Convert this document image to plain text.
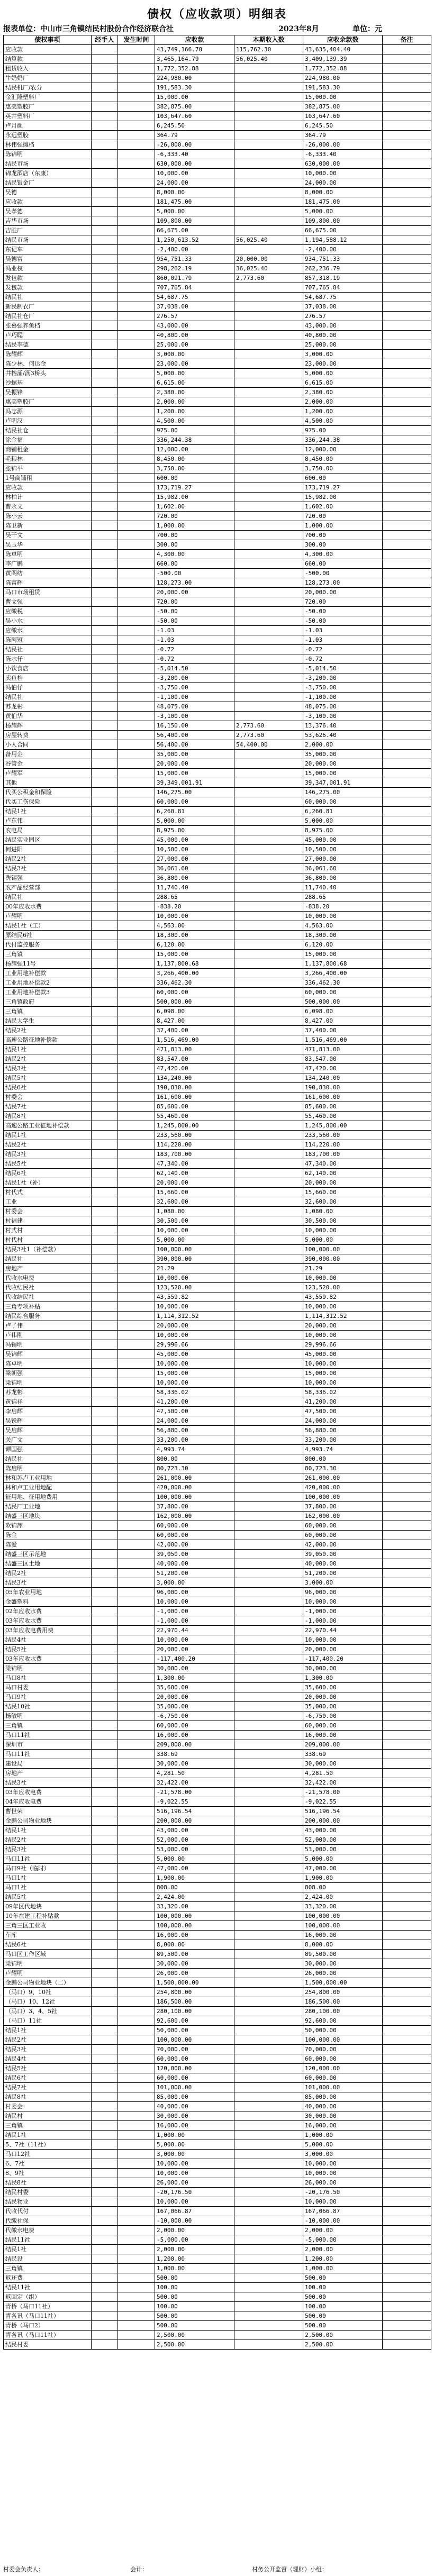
债权（应收款项）明细表
报表单位：中山市三角镇结民村股份合作经济联合社	2023年8月	单位：元
债权事项	经手人	发生时间	应收款	本期收入数	应收余款数	备注
应收款			43,749,166.70	115,762.30	43,635,404.40	
结算款			3,465,164.79	56,025.40	3,409,139.39	
租赁收入			1,772,352.88		1,772,352.88	
牛奶奶厂			224,980.00		224,980.00	
结民机厂/农分			191,583.30		191,583.30	
金汇隆塑料厂			15,000.00		15,000.00	
惠美塑胶厂			382,875.00		382,875.00	
英井塑料厂			103,647.60		103,647.60	
卢月颜			6,245.50		6,245.50	
永远塑胶			364.79		364.79	
林伟强摊档			-26,000.00		-26,000.00	
陈锦明			-6,333.40		-6,333.40	
结民市场			630,000.00		630,000.00	
锦龙酒店（东康）			10,000.00		10,000.00	
结民钣金厂			24,000.00		24,000.00	
吴德			8,000.00		8,000.00	
应收款			181,475.00		181,475.00	
吴孝德			5,000.00		5,000.00	
吉华市场			109,800.00		109,800.00	
吉胜厂			66,675.00		66,675.00	
结民市场			1,250,613.52	56,025.40	1,194,588.12	
东记车			-2,400.00		-2,400.00	
吴德富			954,751.33	20,000.00	934,751.33	
冯业权			298,262.19	36,025.40	262,236.79	
发包款			860,091.79	2,773.60	857,318.19	
发包款			707,765.84		707,765.84	
结民社			54,687.75		54,687.75	
新民制衣厂			37,038.00		37,038.00	
结民社仓厂			276.57		276.57	
张慕强养鱼档			43,000.00		43,000.00	
卢巧聪			40,800.00		40,800.00	
结民李德			25,000.00		25,000.00	
陈耀辉			3,000.00		3,000.00	
陈少林、何达金			23,000.00		23,000.00	
井榕涌/沥3桥头			5,000.00		5,000.00	
沙螺基			6,615.00		6,615.00	
吴振锋			2,380.00		2,380.00	
惠美塑胶厂			2,000.00		2,000.00	
冯志源			1,200.00		1,200.00	
卢明汉			4,500.00		4,500.00	
结民社仓			975.00		975.00	
涂金福			336,244.38		336,244.38	
商铺租金			12,000.00		12,000.00	
毛粮林			8,450.00		8,450.00	
张锦平			3,750.00		3,750.00	
1号商铺租			600.00		600.00	
应收款			173,719.27		173,719.27	
林柏计			15,982.00		15,982.00	
曹永文			1,602.00		1,602.00	
陈小云			720.00		720.00	
陈卫新			1,000.00		1,000.00	
吴干文			700.00		700.00	
吴玉华			300.00		300.00	
陈卓明			4,300.00		4,300.00	
李广鹏			660.00		660.00	
黄阁纺			-500.00		-500.00	
陈富辉			128,273.00		128,273.00	
马口市场租赁			20,000.00		20,000.00	
曹文强			720.00		720.00	
应缴税			-50.00		-50.00	
吴小水			-50.00		-50.00	
应缴水			-1.03		-1.03	
陈阿冠			-1.03		-1.03	
结民社			-0.72		-0.72	
陈水仔			-0.72		-0.72	
小饮食店			-5,014.50		-5,014.50	
卖鱼档			-3,200.00		-3,200.00	
冯伯仔			-3,750.00		-3,750.00	
结民社			-1,100.00		-1,100.00	
苏龙彬			48,075.00		48,075.00	
黄伯华			-3,100.00		-3,100.00	
杨耀辉			16,150.00	2,773.60	13,376.40	
房屋转费			56,400.00	2,773.60	53,626.40	
小人合同			56,400.00	54,400.00	2,000.00	
备用金			35,000.00		35,000.00	
谷管金			20,000.00		20,000.00	
卢耀军			15,000.00		15,000.00	
其他			39,349,001.91		39,347,001.91	
代买公积金和保险			146,275.00		146,275.00	
代买工伤保险			60,000.00		60,000.00	
结民1社			6,260.81		6,260.81	
卢东伟			5,000.00		5,000.00	
农电局			8,975.00		8,975.00	
结民实业园区			45,000.00		45,000.00	
何进阳			10,500.00		10,500.00	
结民2社			27,000.00		27,000.00	
结民3社			36,061.60		36,061.60	
冼锡强			36,800.00		36,800.00	
农产品经营部			11,740.40		11,740.40	
结民社			288.65		288.65	
00年应收水费			-838.20		-838.20	
卢耀明			10,000.00		10,000.00	
结民1社（工）			4,563.00		4,563.00	
原结民6社			18,300.00		18,300.00	
代付监控服务			6,120.00		6,120.00	
三角镇			15,000.00		15,000.00	
杨耀强11号			1,137,800.68		1,137,800.68	
工业用地补偿款			3,266,400.00		3,266,400.00	
工业用地补偿款2			336,462.30		336,462.30	
工业用地补偿款3			60,000.00		60,000.00	
三角镇政府			500,000.00		500,000.00	
三角镇			6,098.00		6,098.00	
结民大学生			8,427.00		8,427.00	
结民2社			37,400.00		37,400.00	
高速公路征地补偿款			1,516,469.00		1,516,469.00	
结民1社			471,813.00		471,813.00	
结民2社			83,547.00		83,547.00	
结民3社			47,420.00		47,420.00	
结民5社			134,240.00		134,240.00	
结民6社			190,830.00		190,830.00	
村委会			161,600.00		161,600.00	
结民7社			85,600.00		85,600.00	
结民8社			55,460.00		55,460.00	
高速公路工业征地补偿款			1,245,800.00		1,245,800.00	
结民1社			233,560.00		233,560.00	
结民2社			114,220.00		114,220.00	
结民3社			183,700.00		183,700.00	
结民5社			47,340.00		47,340.00	
结民6社			62,140.00		62,140.00	
结民1社（补）			20,000.00		20,000.00	
村代式			15,660.00		15,660.00	
工业			32,600.00		32,600.00	
村委会			1,080.00		1,080.00	
村福建			30,500.00		30,500.00	
村式村			10,000.00		10,000.00	
村代村			5,000.00		5,000.00	
结民3社1（补偿款）			100,000.00		100,000.00	
结民社			390,000.00		390,000.00	
房地产			21.29		21.29	
代收水电费			10,000.00		10,000.00	
代收结民社			123,520.00		123,520.00	
代收结民社			43,559.82		43,559.82	
三角专项补贴			10,000.00		10,000.00	
结民综合服务			1,114,312.52		1,114,312.52	
卢子伟			20,000.00		20,000.00	
卢伟刚			10,000.00		10,000.00	
冯锡明			29,996.66		29,996.66	
吴锦辉			45,000.00		45,000.00	
陈卓明			10,000.00		10,000.00	
梁朝强			15,000.00		15,000.00	
梁锦明			10,000.00		10,000.00	
苏龙彬			58,336.02		58,336.02	
黄锦祥			41,200.00		41,200.00	
李启辉			47,500.00		47,500.00	
吴锐辉			24,000.00		24,000.00	
吴启辉			56,880.00		56,880.00	
关广文			33,200.00		33,200.00	
谭国强			4,993.74		4,993.74	
结民社			800.00		800.00	
陈启明			80,723.30		80,723.30	
林和苏卢工业用地			261,000.00		261,000.00	
林和卢工业用地配			420,000.00		420,000.00	
征用地、征用地费用			100,000.00		100,000.00	
结民厂工业地			37,800.00		37,800.00	
结盛三区地块			162,000.00		162,000.00	
欧锦萍			60,000.00		60,000.00	
陈金			60,000.00		60,000.00	
陈爱			42,000.00		42,000.00	
结盛三区示范地			39,050.00		39,050.00	
结盛三区土地			40,000.00		40,000.00	
结民2社			51,200.00		51,200.00	
结民3社			3,000.00		3,000.00	
05年农业用地			96,000.00		96,000.00	
金盛塑料			10,000.00		10,000.00	
02年应收水费			-1,000.00		-1,000.00	
03年应收水费			-1,000.00		-1,000.00	
03年应收电费用费			22,970.44		22,970.44	
结民4社			10,000.00		10,000.00	
结民5社			20,000.00		20,000.00	
03年应收水费			-117,400.20		-117,400.20	
梁锦明			30,000.00		30,000.00	
马口8社			1,300.00		1,300.00	
马口村委			35,600.00		35,600.00	
马口9社			20,000.00		20,000.00	
结民10社			35,000.00		35,000.00	
杨敏明			-6,750.00		-6,750.00	
三角镇			60,000.00		60,000.00	
马口11社			16,000.00		16,000.00	
深圳市			209,000.00		209,000.00	
马口11社			338.69		338.69	
建设局			30,000.00		30,000.00	
房地产			4,281.50		4,281.50	
结民3社			32,422.00		32,422.00	
03年应收电费			-21,578.00		-21,578.00	
04年应收电费			-9,022.55		-9,022.55	
曹世荣			516,196.54		516,196.54	
金鹏公司物业地块			200,000.00		200,000.00	
结民1社			43,000.00		43,000.00	
结民2社			52,000.00		52,000.00	
结民3社			53,000.00		53,000.00	
马口11社			5,000.00		5,000.00	
马口9社（临时）			47,000.00		47,000.00	
马口1社			1,900.00		1,900.00	
马口1社			808.00		808.00	
结民5社			2,424.00		2,424.00	
09年区代地块			33,320.00		33,320.00	
10年在建工程补贴款			100,000.00		100,000.00	
三角三区工业收			100,000.00		100,000.00	
车库			16,000.00		16,000.00	
结民6社			8,000.00		8,000.00	
马口区工作区域			89,500.00		89,500.00	
梁锦明			30,000.00		30,000.00	
卢耀明			26,000.00		26,000.00	
金鹏公司物业地块（二）			1,500,000.00		1,500,000.00	
（马口）9、10社			254,800.00		254,800.00	
（马口）10、12社			186,500.00		186,500.00	
（马口）3、4、5社			280,100.00		280,100.00	
（马口）11社			92,600.00		92,600.00	
结民1社			50,000.00		50,000.00	
结民2社			100,000.00		100,000.00	
结民3社			70,000.00		70,000.00	
结民4社			60,000.00		60,000.00	
结民5社			120,000.00		120,000.00	
结民6社			60,000.00		60,000.00	
结民7社			101,000.00		101,000.00	
结民8社			85,000.00		85,000.00	
村委会			40,000.00		40,000.00	
结民村			30,000.00		30,000.00	
三角镇			16,000.00		16,000.00	
结民1社			1,000.00		1,000.00	
5、7社（11社）			5,000.00		5,000.00	
马口12社			3,000.00		3,000.00	
6、7社			10,000.00		10,000.00	
8、9社			10,000.00		10,000.00	
结民8社			26,000.00		26,000.00	
结民村委			-20,176.50		-20,176.50	
结民物业			10,000.00		10,000.00	
代收代付			167,066.87		167,066.87	
代缴社保			-10,000.00		-10,000.00	
代缴水电费			2,000.00		2,000.00	
结民11社			-5,000.00		-5,000.00	
结民1社			2,000.00		2,000.00	
结民设			1,200.00		1,200.00	
三角镇			1,000.00		1,000.00	
返还费			500.00		500.00	
结民11社			100.00		100.00	
返回定（组）			500.00		500.00	
青桥（马口11社）			100.00		100.00	
青各讯（马口11社）			500.00		500.00	
青桥（马口2）			500.00		500.00	
青各讯（马口11社）			2,500.00		2,500.00	
结民村委			2,500.00		2,500.00	
村委会负责人：	会计：	村务公开监督（理财）小组：
